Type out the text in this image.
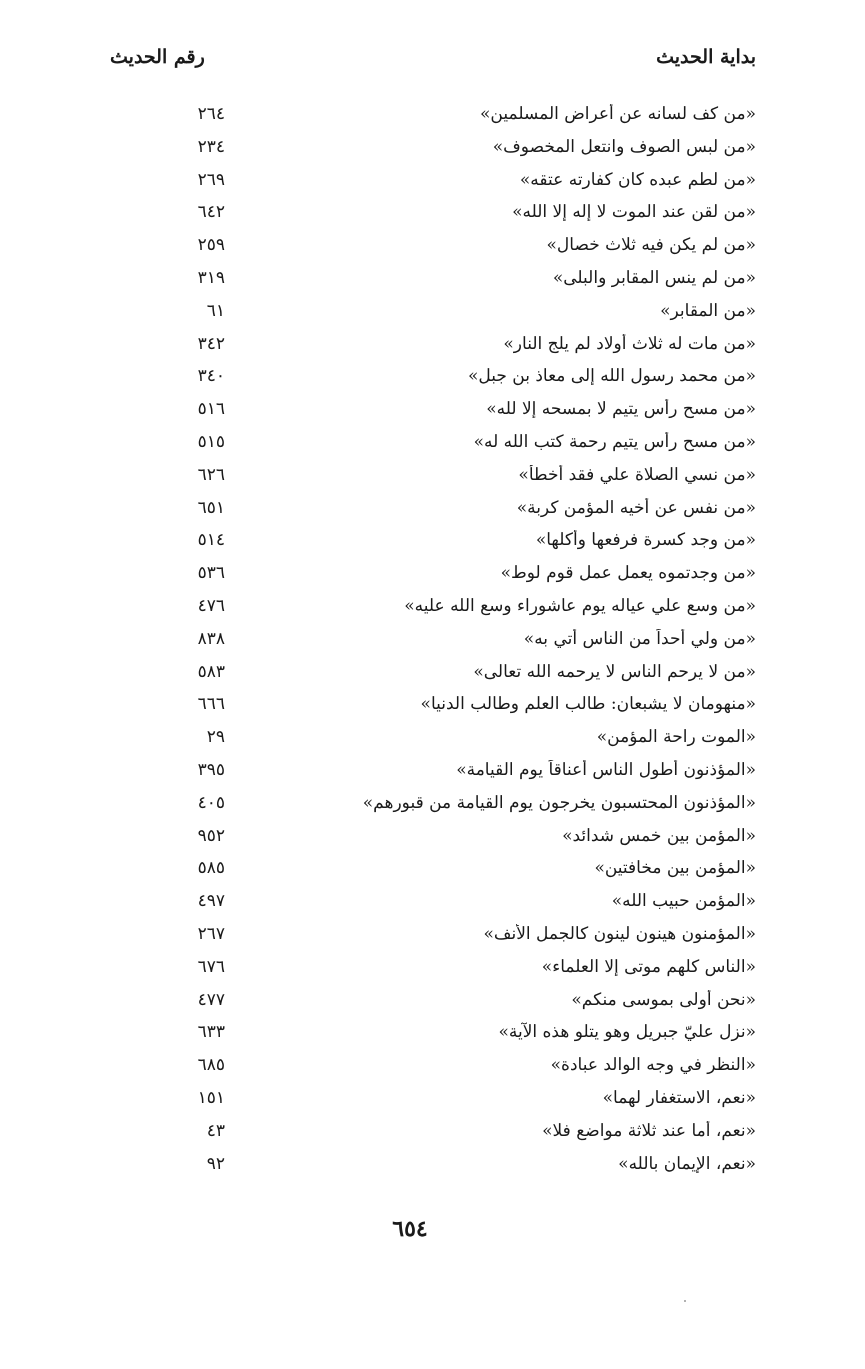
بداية الحديث
رقم الحديث
«من كف لسانه عن أعراض المسلمين»
٢٦٤
«من لبس الصوف وانتعل المخصوف»
٢٣٤
«من لطم عبده كان كفارته عتقه»
٢٦٩
«من لقن عند الموت لا إله إلا الله»
٦٤٢
«من لم يكن فيه ثلاث خصال»
٢٥٩
«من لم ينس المقابر والبلى»
٣١٩
«من المقابر»
٦١
«من مات له ثلاث أولاد لم يلج النار»
٣٤٢
«من محمد رسول الله إلى معاذ بن جبل»
٣٤٠
«من مسح رأس يتيم لا بمسحه إلا لله»
٥١٦
«من مسح رأس يتيم رحمة كتب الله له»
٥١٥
«من نسي الصلاة علي فقد أخطأ»
٦٢٦
«من نفس عن أخيه المؤمن كربة»
٦٥١
«من وجد كسرة فرفعها وأكلها»
٥١٤
«من وجدتموه يعمل عمل قوم لوط»
٥٣٦
«من وسع علي عياله يوم عاشوراء وسع الله عليه»
٤٧٦
«من ولي أحداً من الناس أتي به»
٨٣٨
«من لا يرحم الناس لا يرحمه الله تعالى»
٥٨٣
«منهومان لا يشبعان: طالب العلم وطالب الدنيا»
٦٦٦
«الموت راحة المؤمن»
٢٩
«المؤذنون أطول الناس أعناقاً يوم القيامة»
٣٩٥
«المؤذنون المحتسبون يخرجون يوم القيامة من قبورهم»
٤٠٥
«المؤمن بين خمس شدائد»
٩٥٢
«المؤمن بين مخافتين»
٥٨٥
«المؤمن حبيب الله»
٤٩٧
«المؤمنون هينون لينون كالجمل الأنف»
٢٦٧
«الناس كلهم موتى إلا العلماء»
٦٧٦
«نحن أولى بموسى منكم»
٤٧٧
«نزل عليّ جبريل وهو يتلو هذه الآية»
٦٣٣
«النظر في وجه الوالد عبادة»
٦٨٥
«نعم، الاستغفار لهما»
١٥١
«نعم، أما عند ثلاثة مواضع فلا»
٤٣
«نعم، الإيمان بالله»
٩٢
٦٥٤
